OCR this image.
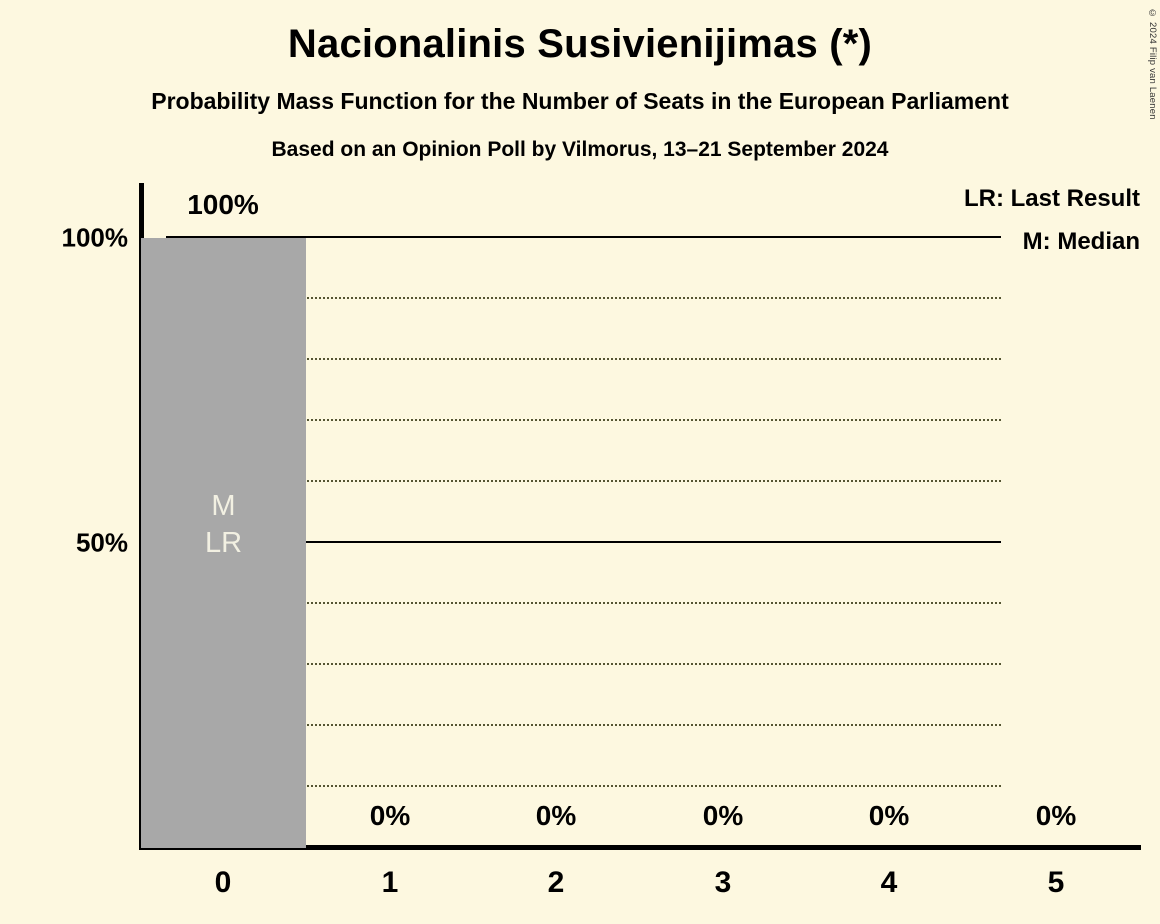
© 2024 Filip van Laenen
Nacionalinis Susivienijimas (*)
Probability Mass Function for the Number of Seats in the European Parliament
Based on an Opinion Poll by Vilmorus, 13–21 September 2024
LR: Last Result
M: Median
100%
50%
M
LR
100%
0%	0%	0%	0%	0%
0	1	2	3	4	5
